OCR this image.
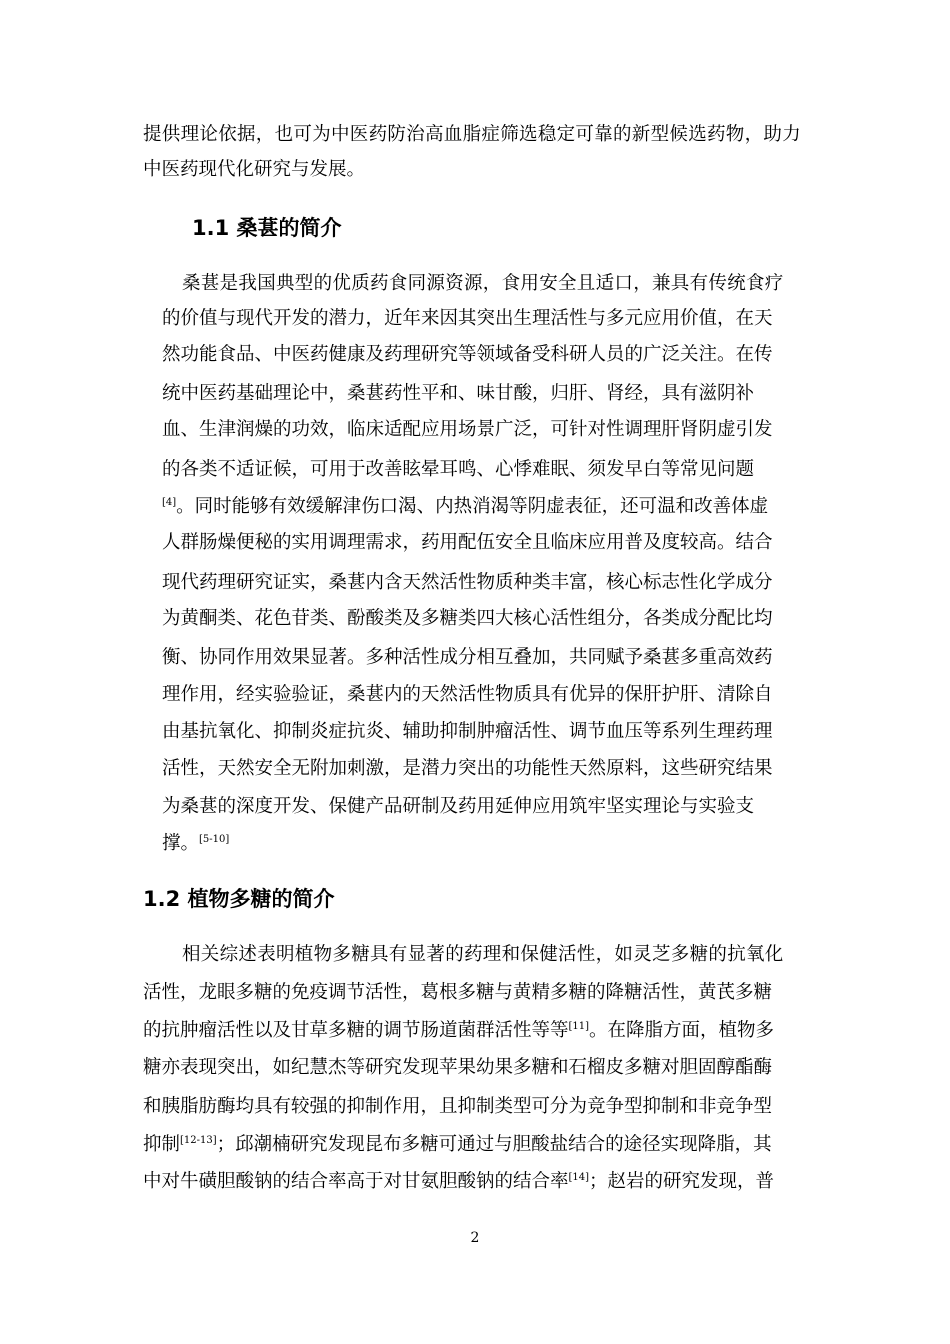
提供理论依据，也可为中医药防治高血脂症筛选稳定可靠的新型候选药物，助力
中医药现代化研究与发展。
1.1 桑葚的简介
桑葚是我国典型的优质药食同源资源，食用安全且适口，兼具有传统食疗
的价值与现代开发的潜力，近年来因其突出生理活性与多元应用价值，在天
然功能食品、中医药健康及药理研究等领域备受科研人员的广泛关注。在传
统中医药基础理论中，桑葚药性平和、味甘酸，归肝、肾经，具有滋阴补
血、生津润燥的功效，临床适配应用场景广泛，可针对性调理肝肾阴虚引发
的各类不适证候，可用于改善眩晕耳鸣、心悸难眠、须发早白等常见问题
[4]。同时能够有效缓解津伤口渴、内热消渴等阴虚表征，还可温和改善体虚
人群肠燥便秘的实用调理需求，药用配伍安全且临床应用普及度较高。结合
现代药理研究证实，桑葚内含天然活性物质种类丰富，核心标志性化学成分
为黄酮类、花色苷类、酚酸类及多糖类四大核心活性组分，各类成分配比均
衡、协同作用效果显著。多种活性成分相互叠加，共同赋予桑葚多重高效药
理作用，经实验验证，桑葚内的天然活性物质具有优异的保肝护肝、清除自
由基抗氧化、抑制炎症抗炎、辅助抑制肿瘤活性、调节血压等系列生理药理
活性，天然安全无附加刺激，是潜力突出的功能性天然原料，这些研究结果
为桑葚的深度开发、保健产品研制及药用延伸应用筑牢坚实理论与实验支
撑。[5-10]
1.2 植物多糖的简介
相关综述表明植物多糖具有显著的药理和保健活性，如灵芝多糖的抗氧化
活性，龙眼多糖的免疫调节活性，葛根多糖与黄精多糖的降糖活性，黄芪多糖
的抗肿瘤活性以及甘草多糖的调节肠道菌群活性等等[11]。在降脂方面，植物多
糖亦表现突出，如纪慧杰等研究发现苹果幼果多糖和石榴皮多糖对胆固醇酯酶
和胰脂肪酶均具有较强的抑制作用，且抑制类型可分为竞争型抑制和非竞争型
抑制[12-13]；邱潮楠研究发现昆布多糖可通过与胆酸盐结合的途径实现降脂，其
中对牛磺胆酸钠的结合率高于对甘氨胆酸钠的结合率[14]；赵岩的研究发现，普
2
